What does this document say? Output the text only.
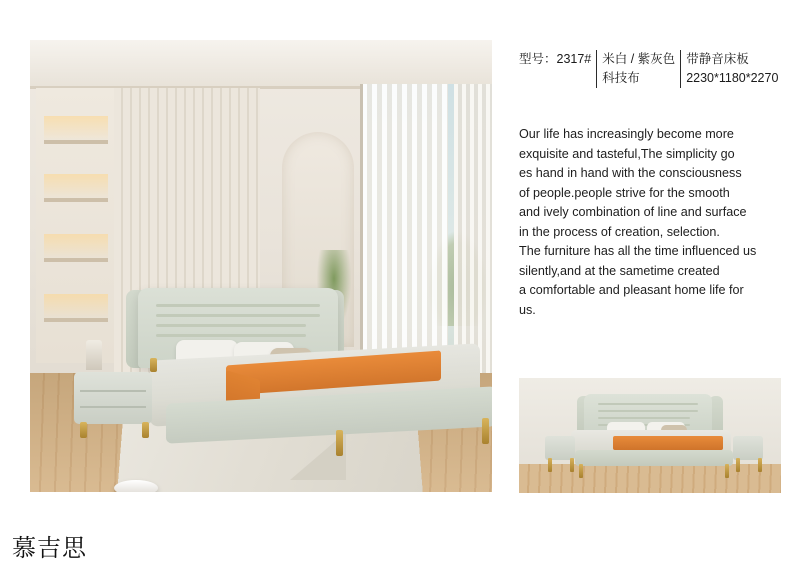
型号：2317# 米白 / 紫灰色
科技布
带静音床板
2230*1180*2270

Our life has increasingly become more

exquisite and tasteful,The simplicity go

es hand in hand with the consciousness

of people.people strive for the smooth

and ively combination of line and surface

in the process of creation, selection.

The furniture has all the time influenced us

silently,and at the sametime created

a comfortable and pleasant home life for

us.

慕吉思
